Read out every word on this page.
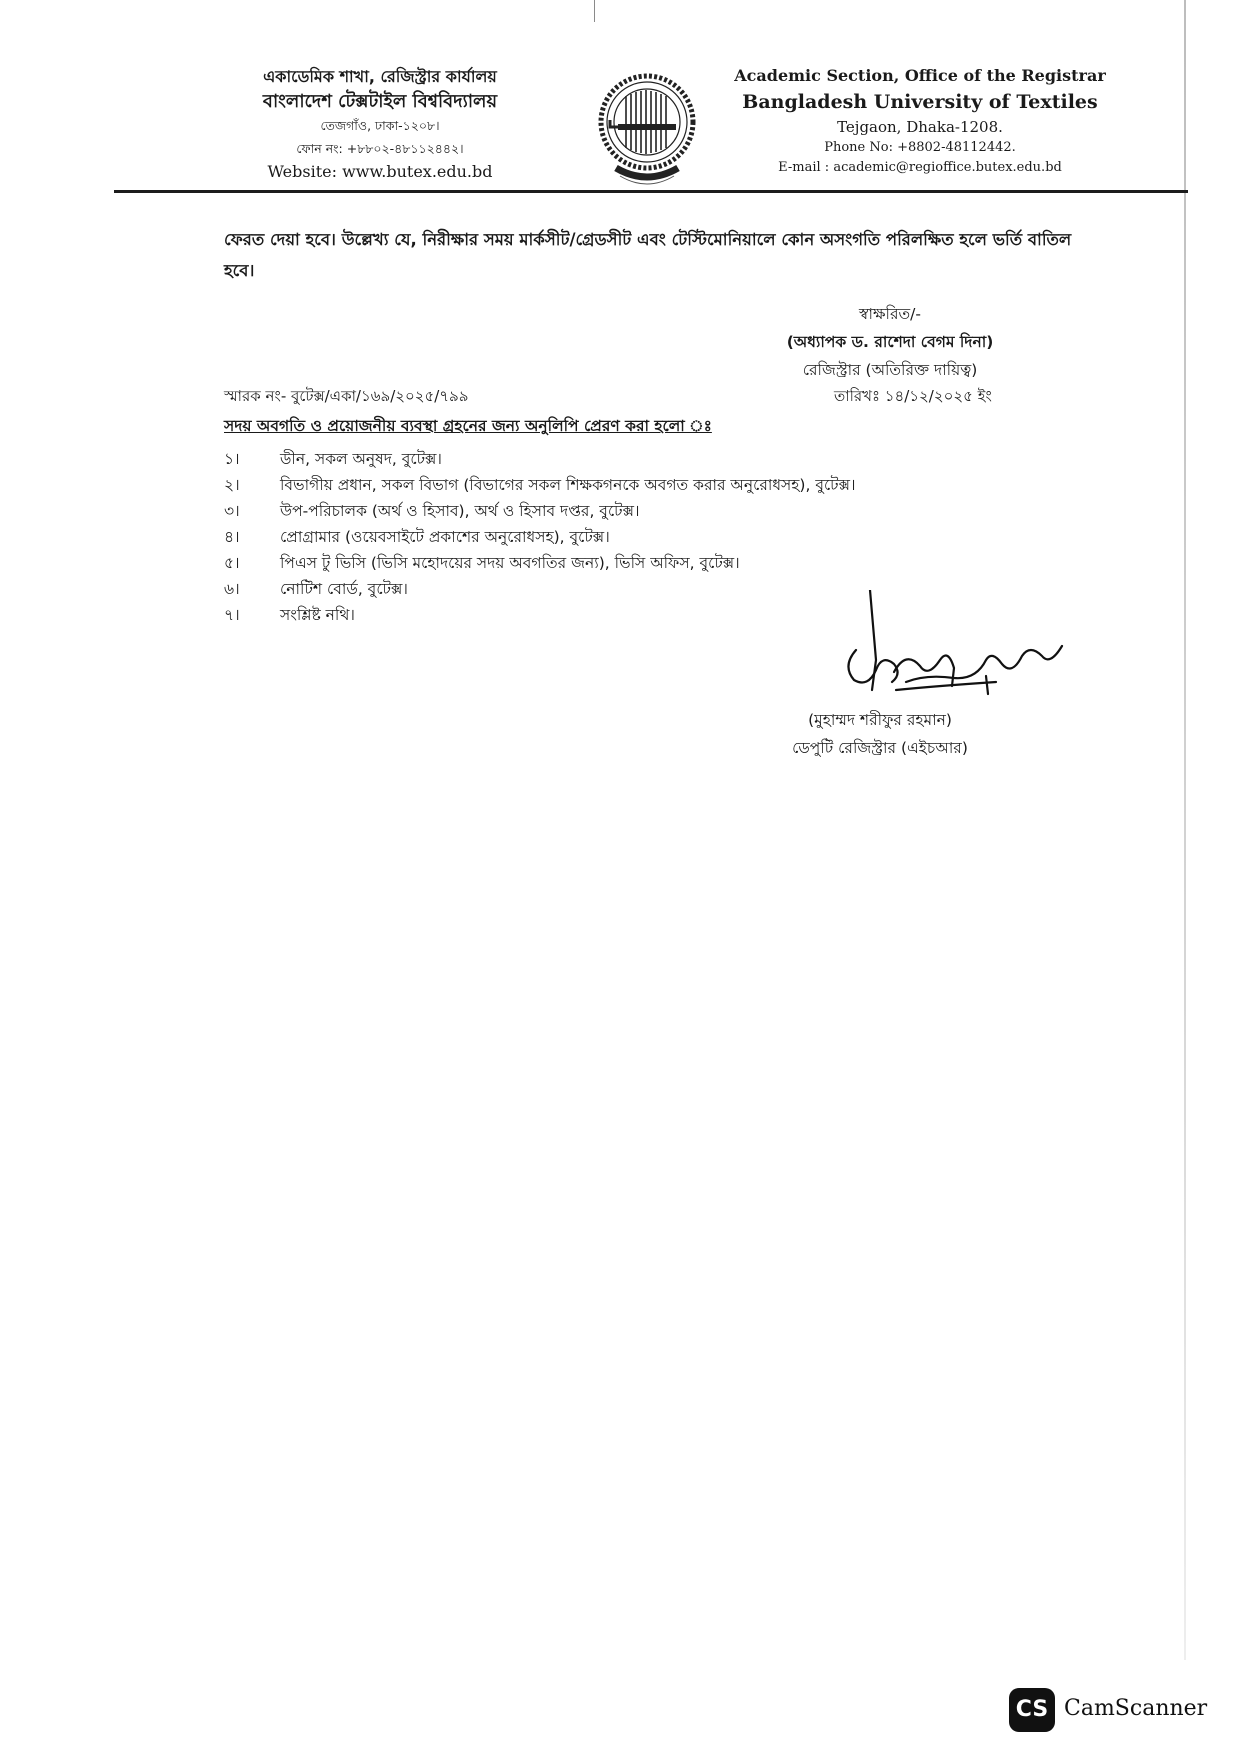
একাডেমিক শাখা, রেজিস্ট্রার কার্যালয়
বাংলাদেশ টেক্সটাইল বিশ্ববিদ্যালয়
তেজগাঁও, ঢাকা-১২০৮।
ফোন নং: +৮৮০২-৪৮১১২৪৪২।
Website: www.butex.edu.bd
Academic Section, Office of the Registrar
Bangladesh University of Textiles
Tejgaon, Dhaka-1208.
Phone No: +8802-48112442.
E-mail : academic@regioffice.butex.edu.bd
ফেরত দেয়া হবে। উল্লেখ্য যে, নিরীক্ষার সময় মার্কসীট/গ্রেডসীট এবং টেস্টিমোনিয়ালে কোন অসংগতি পরিলক্ষিত হলে ভর্তি বাতিল হবে।
স্বাক্ষরিত/-
(অধ্যাপক ড. রাশেদা বেগম দিনা)
রেজিস্ট্রার (অতিরিক্ত দায়িত্ব)
স্মারক নং- বুটেক্স/একা/১৬৯/২০২৫/৭৯৯	তারিখঃ ১৪/১২/২০২৫ ইং
সদয় অবগতি ও প্রয়োজনীয় ব্যবস্থা গ্রহনের জন্য অনুলিপি প্রেরণ করা হলো ঃ
১।	ডীন, সকল অনুষদ, বুটেক্স।
২।	বিভাগীয় প্রধান, সকল বিভাগ (বিভাগের সকল শিক্ষকগনকে অবগত করার অনুরোধসহ), বুটেক্স।
৩।	উপ-পরিচালক (অর্থ ও হিসাব), অর্থ ও হিসাব দপ্তর, বুটেক্স।
৪।	প্রোগ্রামার (ওয়েবসাইটে প্রকাশের অনুরোধসহ), বুটেক্স।
৫।	পিএস টু ভিসি (ভিসি মহোদয়ের সদয় অবগতির জন্য), ভিসি অফিস, বুটেক্স।
৬।	নোটিশ বোর্ড, বুটেক্স।
৭।	সংশ্লিষ্ট নথি।
(মুহাম্মদ শরীফুর রহমান)
ডেপুটি রেজিস্ট্রার (এইচআর)
CS CamScanner
